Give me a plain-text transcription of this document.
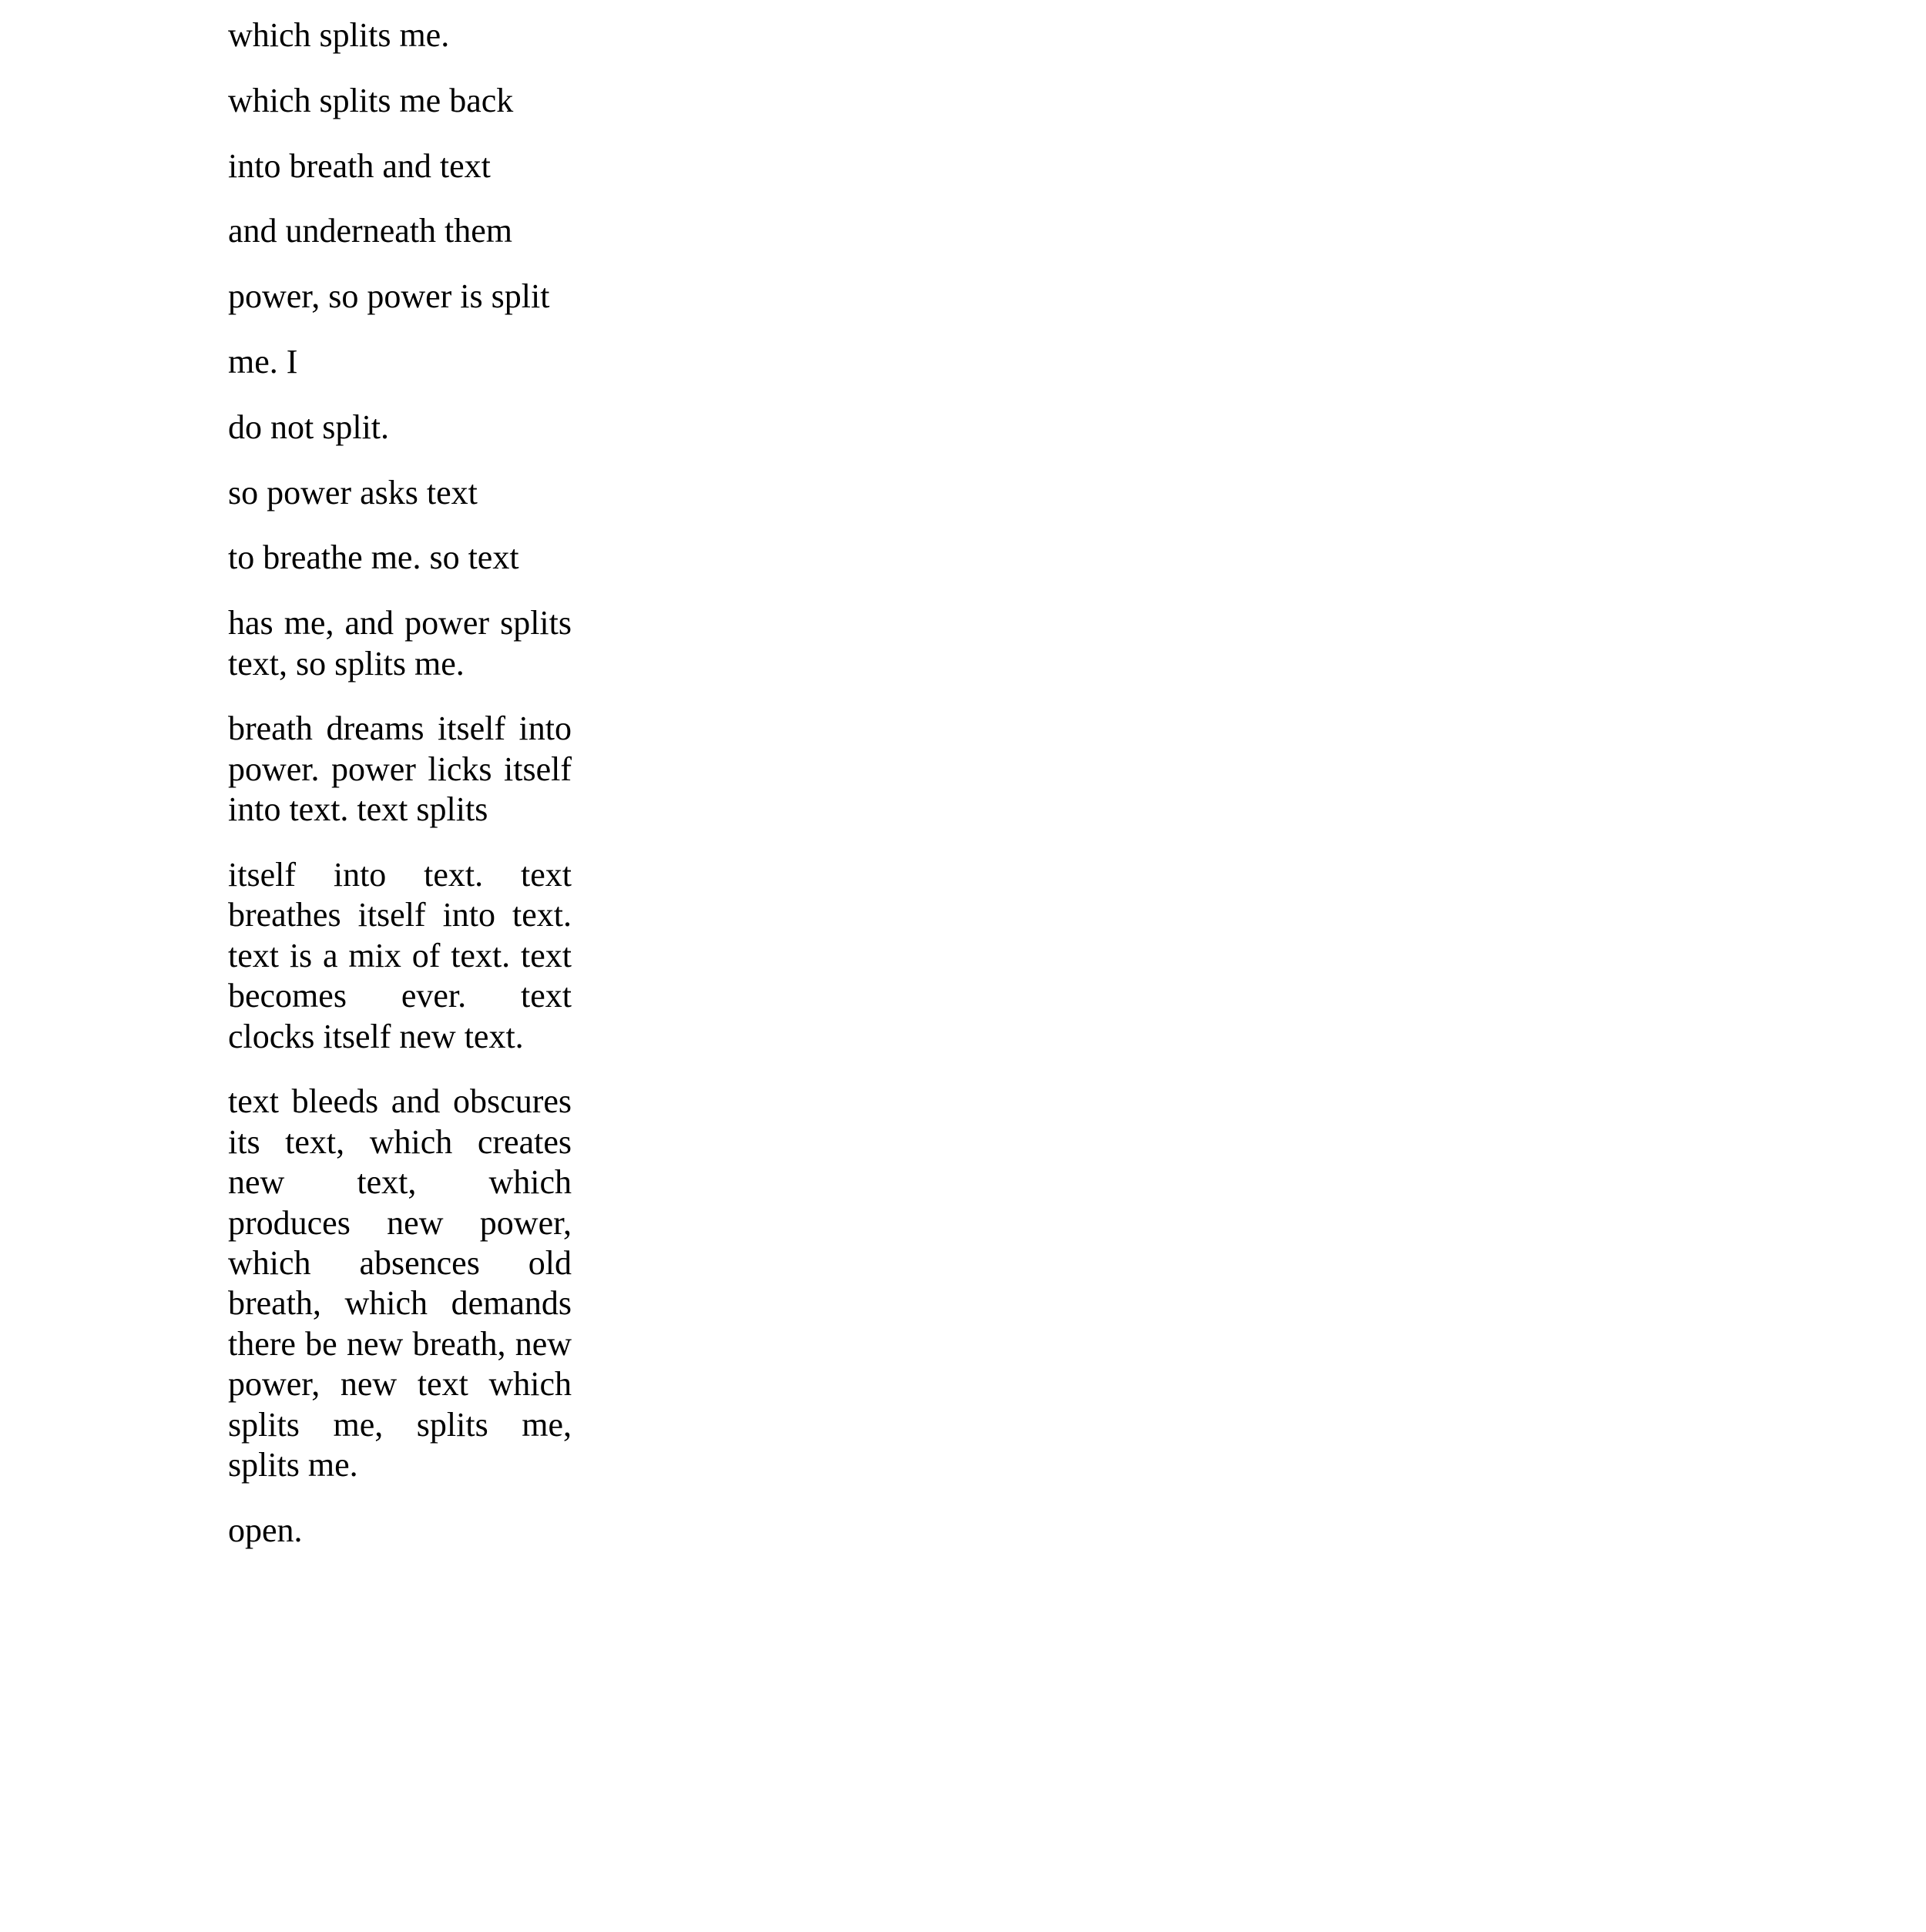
which splits me.

which splits me back

into breath and text

and underneath them

power, so power is split

me. I

do not split.

so power asks text

to breathe me. so text

has me, and power splits text, so splits me.

breath dreams itself into power. power licks itself into text. text splits

itself into text. text breathes itself into text. text is a mix of text. text becomes ever. text clocks itself new text.

text bleeds and obscures its text, which creates new text, which produces new power, which absences old breath, which demands there be new breath, new power, new text which splits me, splits me, splits me.

open.
